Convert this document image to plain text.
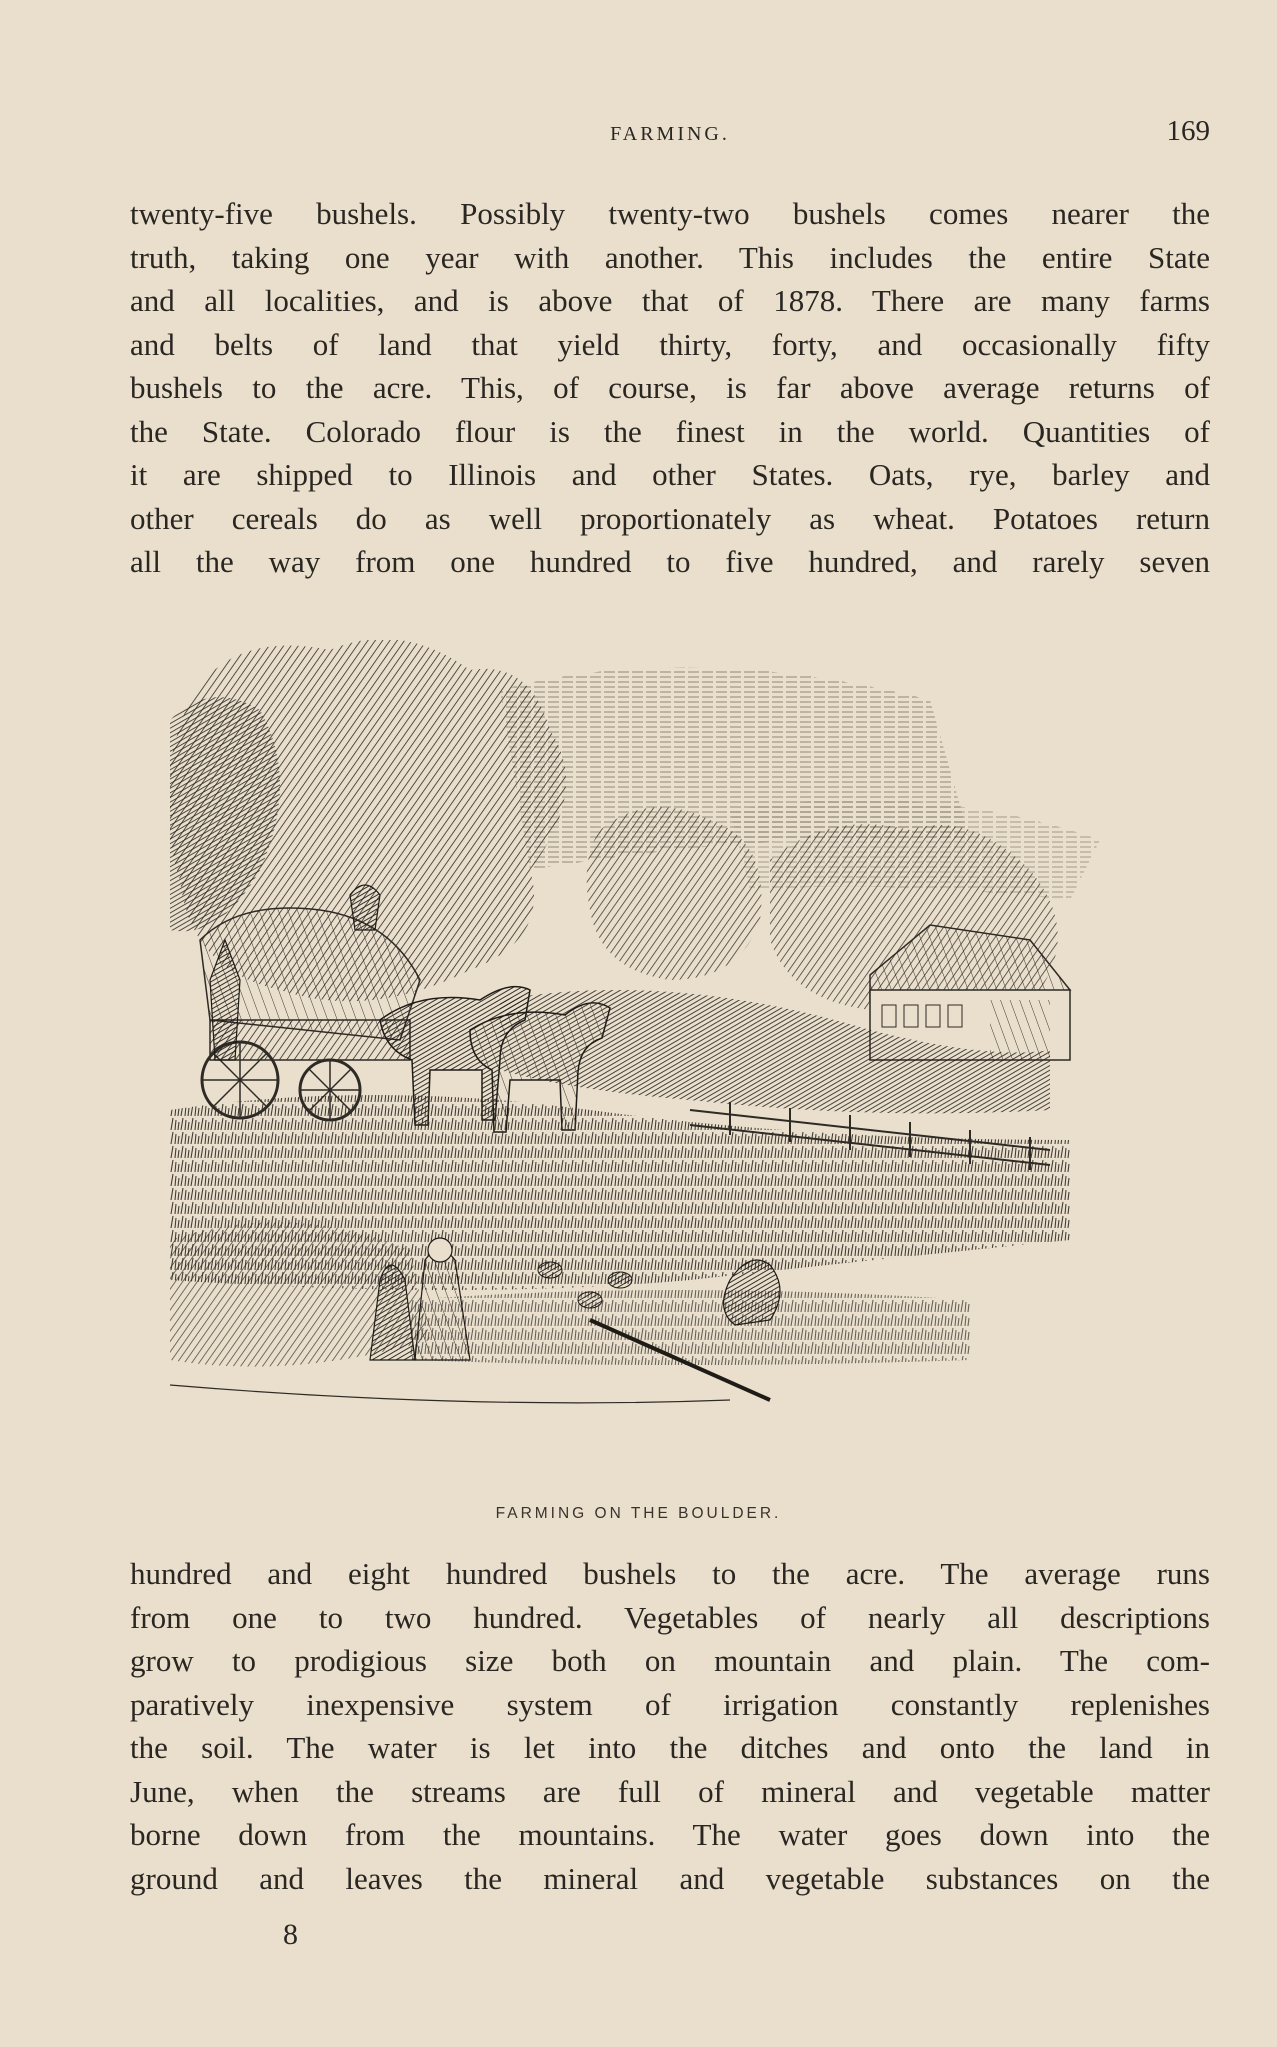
FARMING.	169
twenty-five bushels. Possibly twenty-two bushels comes nearer the
truth, taking one year with another. This includes the entire State
and all localities, and is above that of 1878. There are many farms
and belts of land that yield thirty, forty, and occasionally fifty
bushels to the acre. This, of course, is far above average returns of
the State. Colorado flour is the finest in the world. Quantities of
it are shipped to Illinois and other States. Oats, rye, barley and
other cereals do as well proportionately as wheat. Potatoes return
all the way from one hundred to five hundred, and rarely seven
FARMING ON THE BOULDER.
hundred and eight hundred bushels to the acre. The average runs
from one to two hundred. Vegetables of nearly all descriptions
grow to prodigious size both on mountain and plain. The com-
paratively inexpensive system of irrigation constantly replenishes
the soil. The water is let into the ditches and onto the land in
June, when the streams are full of mineral and vegetable matter
borne down from the mountains. The water goes down into the
ground and leaves the mineral and vegetable substances on the
8
